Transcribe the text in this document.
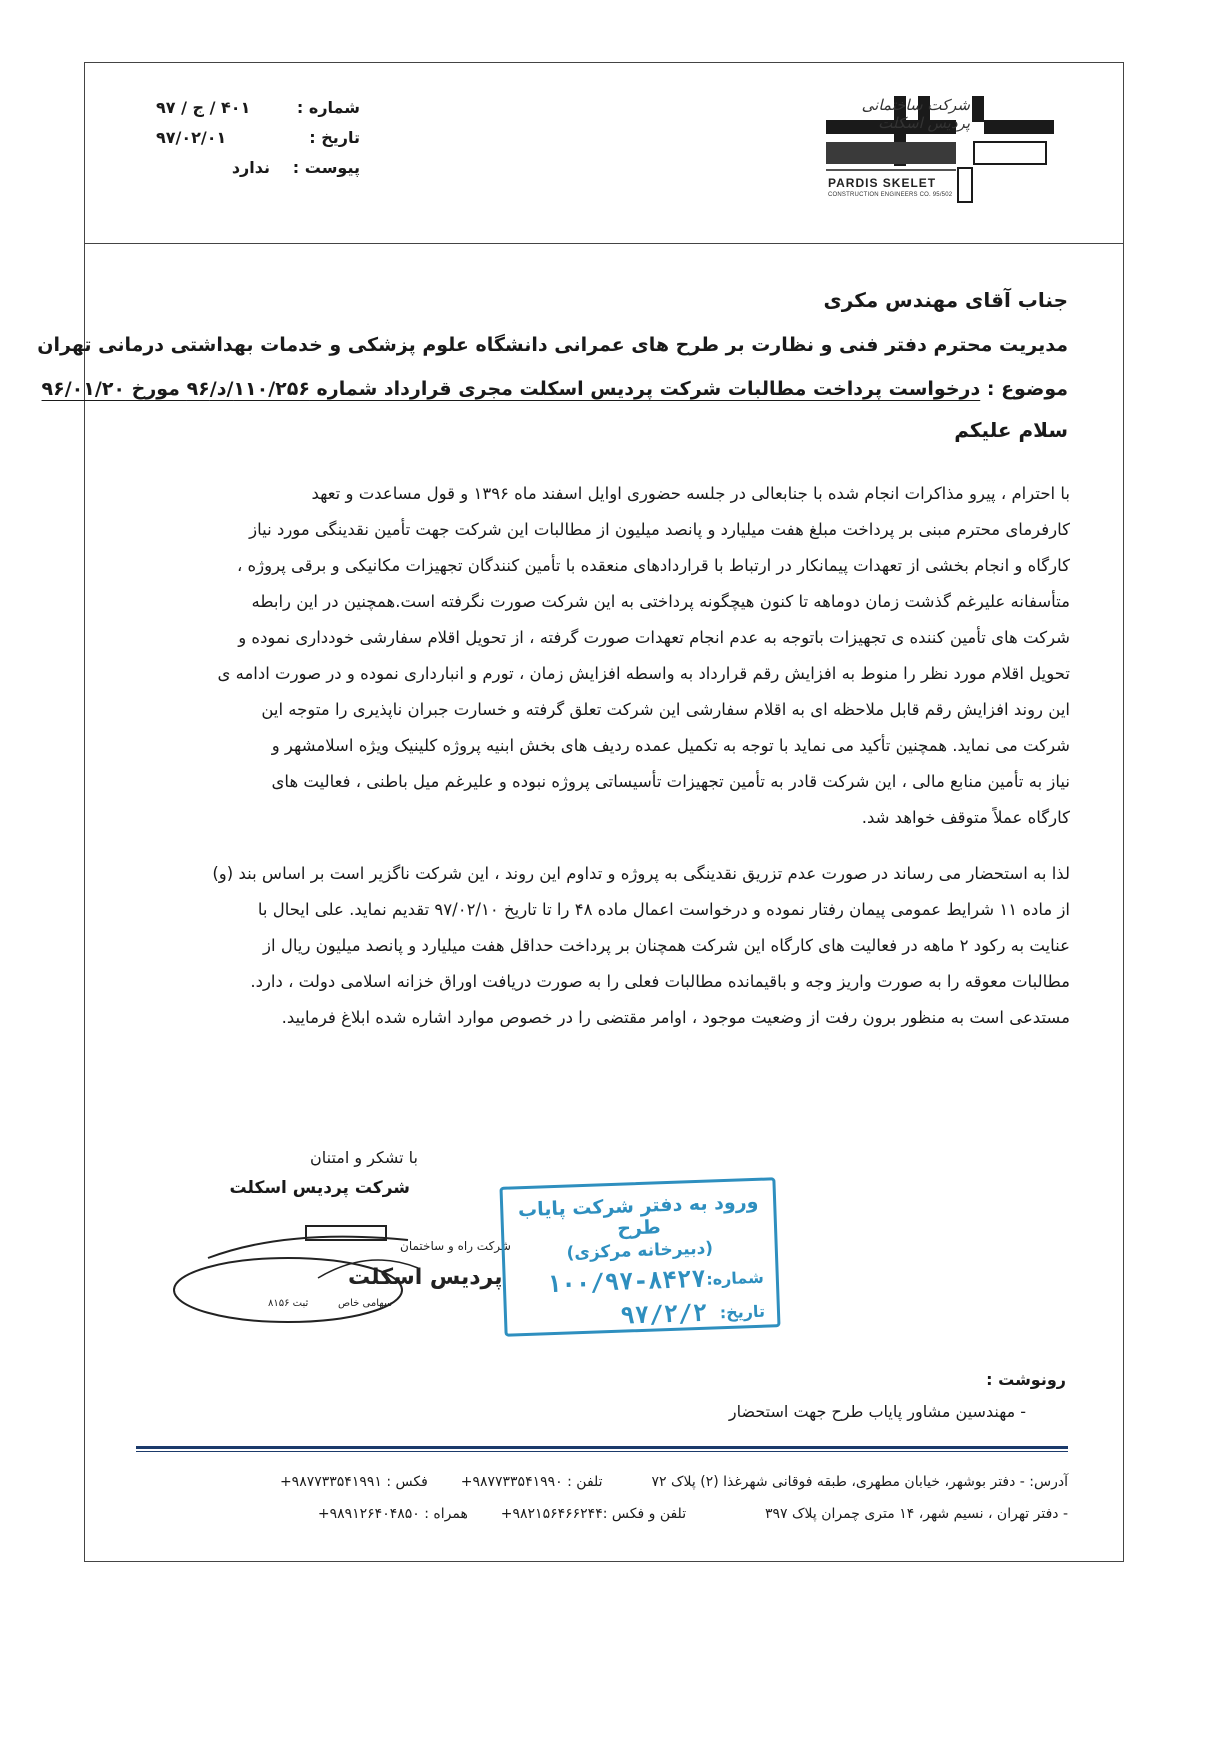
شرکت ساختمانی پردیس اسکلت
PARDIS SKELET
CONSTRUCTION ENGINEERS CO. 95/502
شماره :
۴۰۱ / ج / ۹۷
تاریخ :
۹۷/۰۲/۰۱
پیوست :
ندارد
جناب آقای مهندس مکری
مدیریت محترم دفتر فنی و نظارت بر طرح های عمرانی دانشگاه علوم پزشکی و خدمات بهداشتی درمانی تهران
موضوع : درخواست پرداخت مطالبات شرکت پردیس اسکلت مجری قرارداد شماره ۱۱۰/۲۵۶/د/۹۶ مورخ ۹۶/۰۱/۲۰
سلام علیکم
با احترام ، پیرو مذاکرات انجام شده با جنابعالی در جلسه حضوری اوایل اسفند ماه ۱۳۹۶ و قول مساعدت و تعهد
کارفرمای محترم مبنی بر پرداخت مبلغ هفت میلیارد و پانصد میلیون از مطالبات این شرکت جهت تأمین نقدینگی مورد نیاز
کارگاه و انجام بخشی از تعهدات پیمانکار در ارتباط با قراردادهای منعقده با تأمین کنندگان تجهیزات مکانیکی و برقی پروژه ،
متأسفانه علیرغم گذشت زمان دوماهه تا کنون هیچگونه پرداختی به این شرکت صورت نگرفته است.همچنین در این رابطه
شرکت های تأمین کننده ی تجهیزات باتوجه به عدم انجام تعهدات صورت گرفته ، از تحویل اقلام سفارشی خودداری نموده و
تحویل اقلام مورد نظر را منوط به افزایش رقم قرارداد به واسطه افزایش زمان ، تورم و انبارداری نموده و در صورت ادامه ی
این روند افزایش رقم قابل ملاحظه ای به اقلام سفارشی این شرکت تعلق گرفته و خسارت جبران ناپذیری را متوجه این
شرکت می نماید. همچنین تأکید می نماید با توجه به تکمیل عمده ردیف های بخش ابنیه پروژه کلینیک ویژه اسلامشهر و
نیاز به تأمین منابع مالی ، این شرکت قادر به تأمین تجهیزات تأسیساتی پروژه نبوده و علیرغم میل باطنی ، فعالیت های
کارگاه عملاً متوقف خواهد شد.
لذا به استحضار می رساند در صورت عدم تزریق نقدینگی به پروژه و تداوم این روند ، این شرکت ناگزیر است بر اساس بند (و)
از ماده ۱۱ شرایط عمومی پیمان رفتار نموده و درخواست اعمال ماده ۴۸ را تا تاریخ ۹۷/۰۲/۱۰ تقدیم نماید. علی ایحال با
عنایت به رکود ۲ ماهه در فعالیت های کارگاه این شرکت همچنان بر پرداخت حداقل هفت میلیارد و پانصد میلیون ریال از
مطالبات معوقه را به صورت واریز وجه و باقیمانده مطالبات فعلی را به صورت دریافت اوراق خزانه اسلامی دولت ، دارد.
مستدعی است به منظور برون رفت از وضعیت موجود ، اوامر مقتضی را در خصوص موارد اشاره شده ابلاغ فرمایید.
با تشکر و امتنان
شرکت پردیس اسکلت
شرکت راه و ساختمان
پردیس اسکلت
سهامی خاص
ثبت ۸۱۵۶
ورود به دفتر شرکت پایاب طرح
(دبیرخانه مرکزی)
شماره:
۱۰۰/۹۷-۸۴۲۷
تاریخ:
۹۷/۲/۲
رونوشت :
- مهندسین مشاور پایاب طرح جهت استحضار
آدرس: - دفتر بوشهر، خیابان مطهری، طبقه فوقانی شهرغذا (۲) پلاک ۷۲  تلفن : ۹۸۷۷۳۳۵۴۱۹۹۰+  فکس : ۹۸۷۷۳۳۵۴۱۹۹۱+
- دفتر تهران ، نسیم شهر، ۱۴ متری چمران پلاک ۳۹۷  تلفن و فکس :۹۸۲۱۵۶۴۶۶۲۴۴+  همراه : ۹۸۹۱۲۶۴۰۴۸۵۰+
